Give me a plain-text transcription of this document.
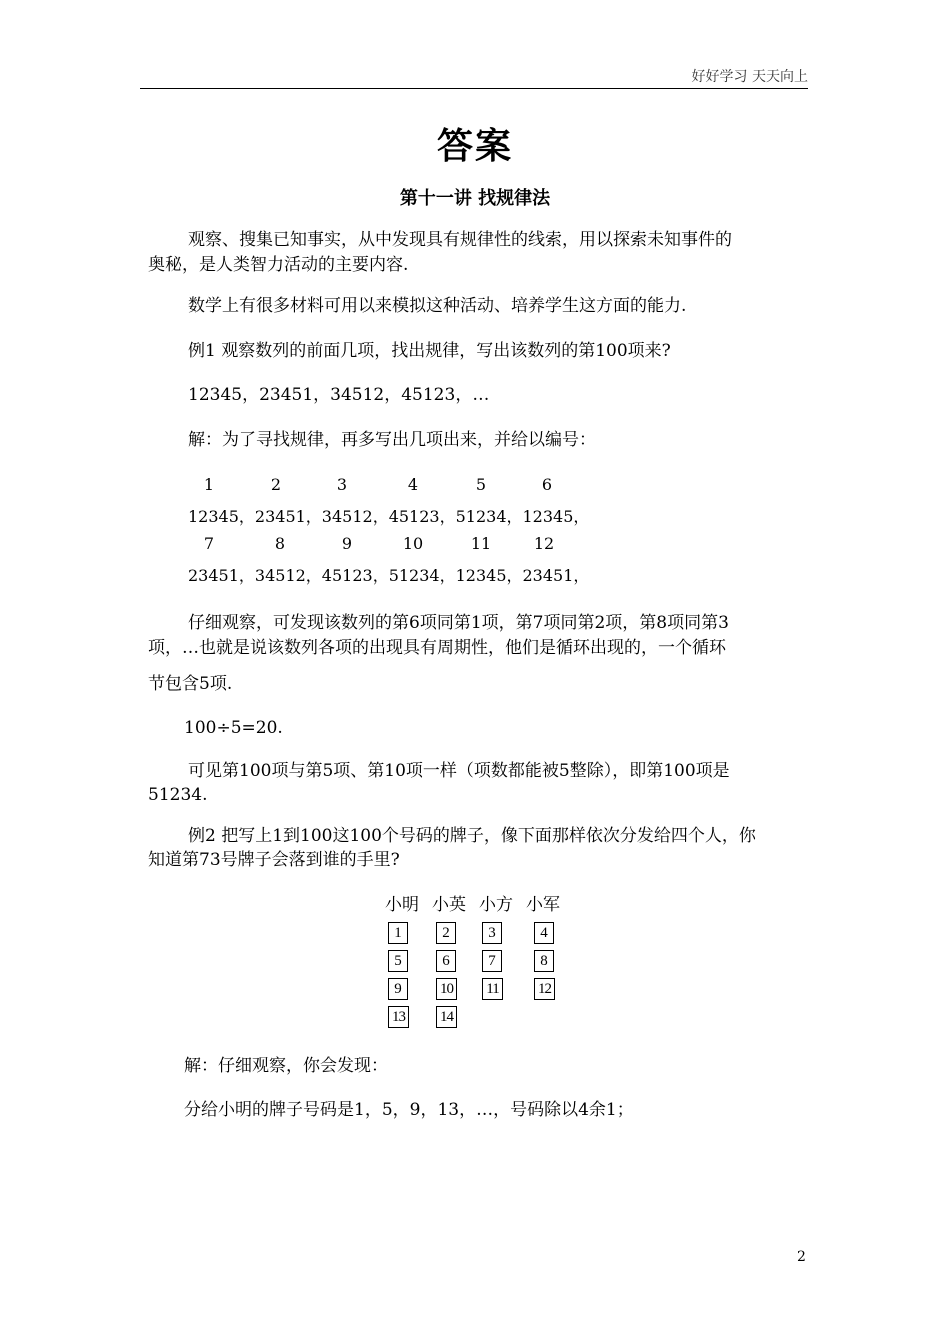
好好学习 天天向上
答案
第十一讲 找规律法
观察、搜集已知事实，从中发现具有规律性的线索，用以探索未知事件的
奥秘，是人类智力活动的主要内容.
数学上有很多材料可用以来模拟这种活动、培养学生这方面的能力.
例1 观察数列的前面几项，找出规律，写出该数列的第100项来?
12345，23451，34512，45123，…
解：为了寻找规律，再多写出几项出来，并给以编号：
1	2	3	4	5	6
12345，23451，34512，45123，51234，12345，
7	8	9	10	11	12
23451，34512，45123，51234，12345，23451，
仔细观察，可发现该数列的第6项同第1项，第7项同第2项，第8项同第3
项，…也就是说该数列各项的出现具有周期性，他们是循环出现的，一个循环
节包含5项.
100÷5=20.
可见第100项与第5项、第10项一样（项数都能被5整除），即第100项是
51234.
例2 把写上1到100这100个号码的牌子，像下面那样依次分发给四个人，你
知道第73号牌子会落到谁的手里?
小明 小英 小方 小军
1	2	3	4
5	6	7	8
9	10 11	12
13 14
解：仔细观察，你会发现：
分给小明的牌子号码是1，5，9，13，…，号码除以4余1；
2
